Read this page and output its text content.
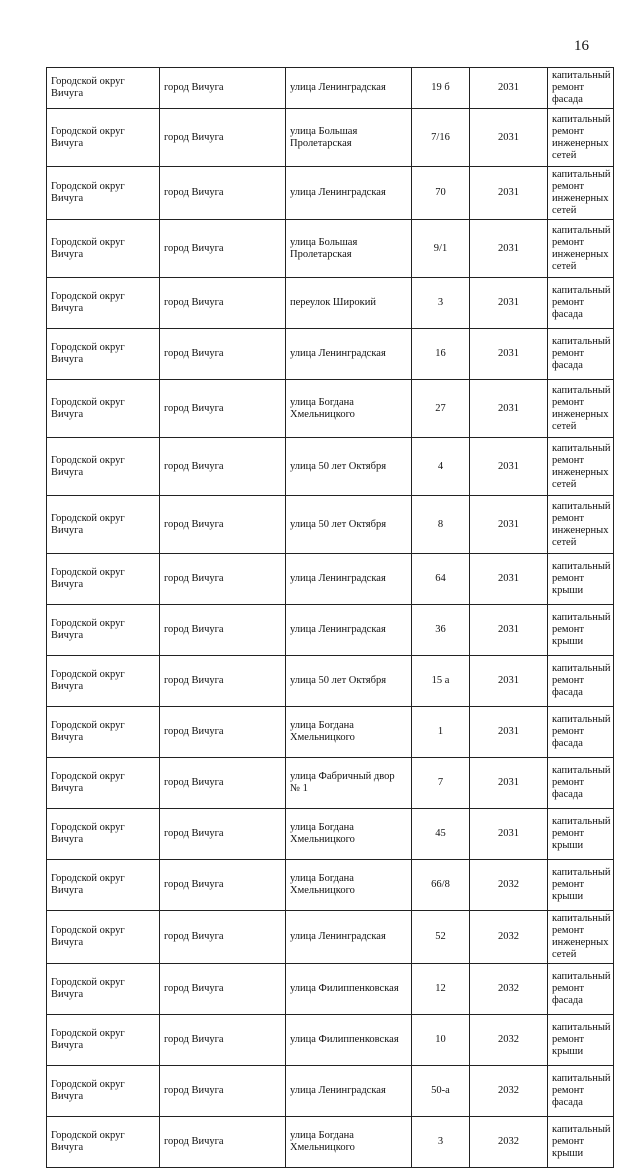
16
Городской округ Вичуга	город Вичуга	улица Ленинградская	19 б	2031	капитальный ремонт фасада
Городской округ Вичуга	город Вичуга	улица Большая Пролетарская	7/16	2031	капитальный ремонт инженерных сетей
Городской округ Вичуга	город Вичуга	улица Ленинградская	70	2031	капитальный ремонт инженерных сетей
Городской округ Вичуга	город Вичуга	улица Большая Пролетарская	9/1	2031	капитальный ремонт инженерных сетей
Городской округ Вичуга	город Вичуга	переулок Широкий	3	2031	капитальный ремонт фасада
Городской округ Вичуга	город Вичуга	улица Ленинградская	16	2031	капитальный ремонт фасада
Городской округ Вичуга	город Вичуга	улица Богдана Хмельницкого	27	2031	капитальный ремонт инженерных сетей
Городской округ Вичуга	город Вичуга	улица 50 лет Октября	4	2031	капитальный ремонт инженерных сетей
Городской округ Вичуга	город Вичуга	улица 50 лет Октября	8	2031	капитальный ремонт инженерных сетей
Городской округ Вичуга	город Вичуга	улица Ленинградская	64	2031	капитальный ремонт крыши
Городской округ Вичуга	город Вичуга	улица Ленинградская	36	2031	капитальный ремонт крыши
Городской округ Вичуга	город Вичуга	улица 50 лет Октября	15 а	2031	капитальный ремонт фасада
Городской округ Вичуга	город Вичуга	улица Богдана Хмельницкого	1	2031	капитальный ремонт фасада
Городской округ Вичуга	город Вичуга	улица Фабричный двор № 1	7	2031	капитальный ремонт фасада
Городской округ Вичуга	город Вичуга	улица Богдана Хмельницкого	45	2031	капитальный ремонт крыши
Городской округ Вичуга	город Вичуга	улица Богдана Хмельницкого	66/8	2032	капитальный ремонт крыши
Городской округ Вичуга	город Вичуга	улица Ленинградская	52	2032	капитальный ремонт инженерных сетей
Городской округ Вичуга	город Вичуга	улица Филиппенковская	12	2032	капитальный ремонт фасада
Городской округ Вичуга	город Вичуга	улица Филиппенковская	10	2032	капитальный ремонт крыши
Городской округ Вичуга	город Вичуга	улица Ленинградская	50-а	2032	капитальный ремонт фасада
Городской округ Вичуга	город Вичуга	улица Богдана Хмельницкого	3	2032	капитальный ремонт крыши
